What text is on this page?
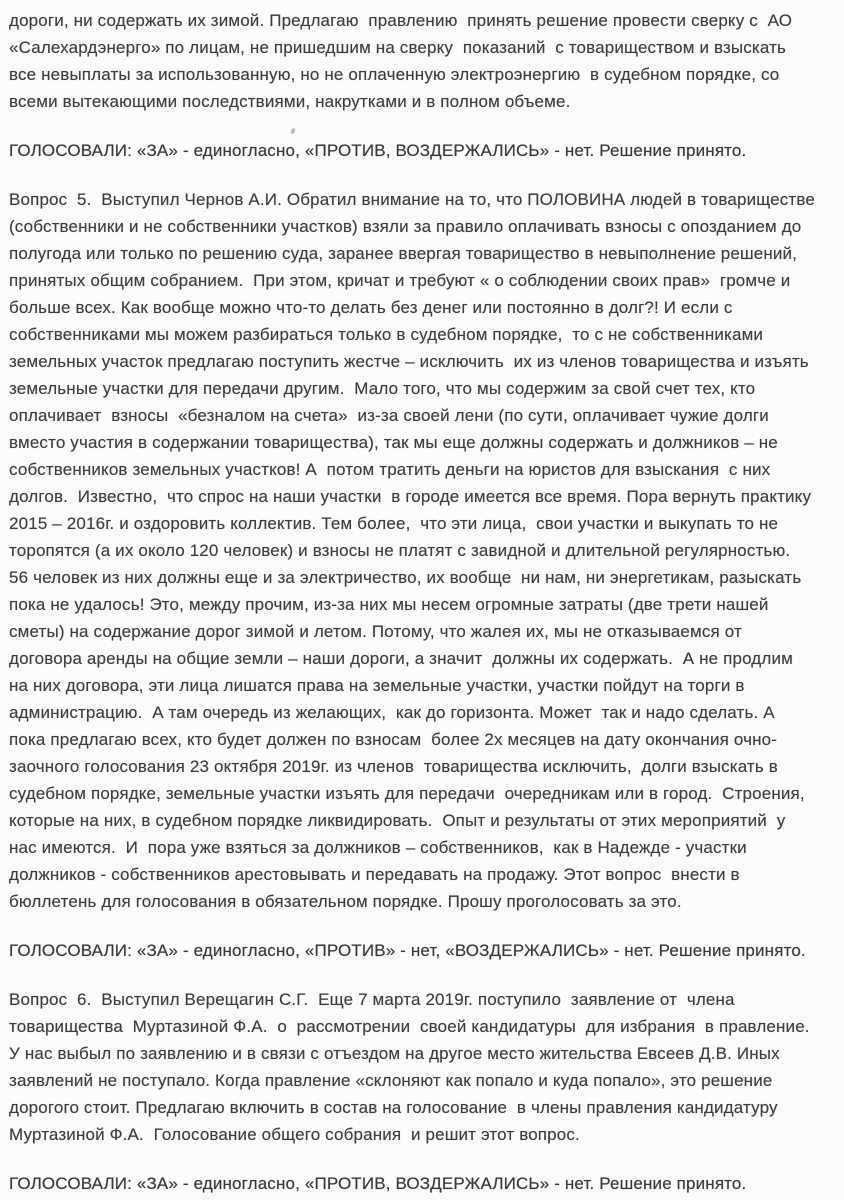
дороги, ни содержать их зимой. Предлагаю  правлению  принять решение провести сверку с  АО
«Салехардэнерго» по лицам, не пришедшим на сверку  показаний  с товариществом и взыскать
все невыплаты за использованную, но не оплаченную электроэнергию  в судебном порядке, со
всеми вытекающими последствиями, накрутками и в полном объеме.
ГОЛОСОВАЛИ: «ЗА» - единогласно, «ПРОТИВ, ВОЗДЕРЖАЛИСЬ» - нет. Решение принято.
Вопрос  5.  Выступил Чернов А.И. Обратил внимание на то, что ПОЛОВИНА людей в товариществе
(собственники и не собственники участков) взяли за правило оплачивать взносы с опозданием до
полугода или только по решению суда, заранее ввергая товарищество в невыполнение решений,
принятых общим собранием.  При этом, кричат и требуют « о соблюдении своих прав»  громче и
больше всех. Как вообще можно что-то делать без денег или постоянно в долг?! И если с
собственниками мы можем разбираться только в судебном порядке,  то с не собственниками
земельных участок предлагаю поступить жестче – исключить  их из членов товарищества и изъять
земельные участки для передачи другим.  Мало того, что мы содержим за свой счет тех, кто
оплачивает  взносы  «безналом на счета»  из-за своей лени (по сути, оплачивает чужие долги
вместо участия в содержании товарищества), так мы еще должны содержать и должников – не
собственников земельных участков! А  потом тратить деньги на юристов для взыскания  с них
долгов.  Известно,  что спрос на наши участки  в городе имеется все время. Пора вернуть практику
2015 – 2016г. и оздоровить коллектив. Тем более,  что эти лица,  свои участки и выкупать то не
торопятся (а их около 120 человек) и взносы не платят с завидной и длительной регулярностью.
56 человек из них должны еще и за электричество, их вообще  ни нам, ни энергетикам, разыскать
пока не удалось! Это, между прочим, из-за них мы несем огромные затраты (две трети нашей
сметы) на содержание дорог зимой и летом. Потому, что жалея их, мы не отказываемся от
договора аренды на общие земли – наши дороги, а значит  должны их содержать.  А не продлим
на них договора, эти лица лишатся права на земельные участки, участки пойдут на торги в
администрацию.  А там очередь из желающих,  как до горизонта. Может  так и надо сделать. А
пока предлагаю всех, кто будет должен по взносам  более 2х месяцев на дату окончания очно-
заочного голосования 23 октября 2019г. из членов  товарищества исключить,  долги взыскать в
судебном порядке, земельные участки изъять для передачи  очередникам или в город.  Строения,
которые на них, в судебном порядке ликвидировать.  Опыт и результаты от этих мероприятий  у
нас имеются.  И  пора уже взяться за должников – собственников,  как в Надежде - участки
должников - собственников арестовывать и передавать на продажу. Этот вопрос  внести в
бюллетень для голосования в обязательном порядке. Прошу проголосовать за это.
ГОЛОСОВАЛИ: «ЗА» - единогласно, «ПРОТИВ» - нет, «ВОЗДЕРЖАЛИСЬ» - нет. Решение принято.
Вопрос  6.  Выступил Верещагин С.Г.  Еще 7 марта 2019г. поступило  заявление от  члена
товарищества  Муртазиной Ф.А.  о  рассмотрении  своей кандидатуры  для избрания  в правление.
У нас выбыл по заявлению и в связи с отъездом на другое место жительства Евсеев Д.В. Иных
заявлений не поступало. Когда правление «склоняют как попало и куда попало», это решение
дорогого стоит. Предлагаю включить в состав на голосование  в члены правления кандидатуру
Муртазиной Ф.А.  Голосование общего собрания  и решит этот вопрос.
ГОЛОСОВАЛИ: «ЗА» - единогласно, «ПРОТИВ, ВОЗДЕРЖАЛИСЬ» - нет. Решение принято.
